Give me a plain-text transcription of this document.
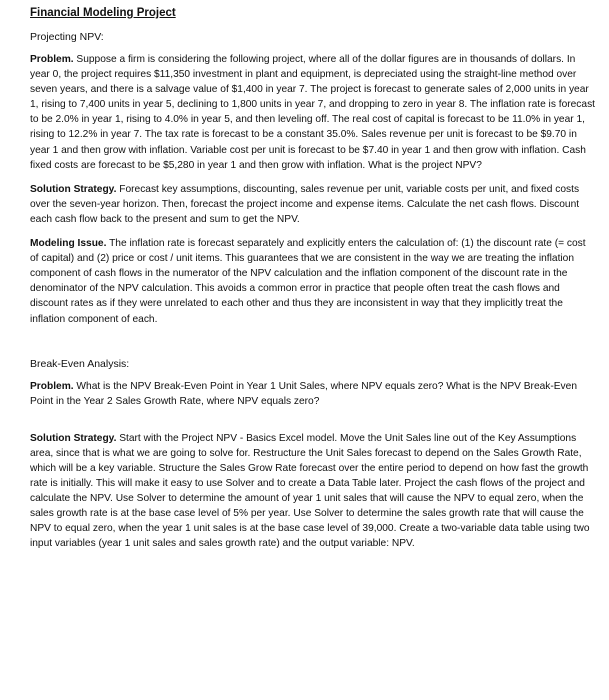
Financial Modeling Project
Projecting NPV:

Problem. Suppose a firm is considering the following project, where all of the dollar figures are in thousands of dollars. In year 0, the project requires $11,350 investment in plant and equipment, is depreciated using the straight-line method over seven years, and there is a salvage value of $1,400 in year 7. The project is forecast to generate sales of 2,000 units in year 1, rising to 7,400 units in year 5, declining to 1,800 units in year 7, and dropping to zero in year 8. The inflation rate is forecast to be 2.0% in year 1, rising to 4.0% in year 5, and then leveling off. The real cost of capital is forecast to be 11.0% in year 1, rising to 12.2% in year 7. The tax rate is forecast to be a constant 35.0%. Sales revenue per unit is forecast to be $9.70 in year 1 and then grow with inflation. Variable cost per unit is forecast to be $7.40 in year 1 and then grow with inflation. Cash fixed costs are forecast to be $5,280 in year 1 and then grow with inflation. What is the project NPV?

Solution Strategy. Forecast key assumptions, discounting, sales revenue per unit, variable costs per unit, and fixed costs over the seven-year horizon. Then, forecast the project income and expense items. Calculate the net cash flows. Discount each cash flow back to the present and sum to get the NPV.

Modeling Issue. The inflation rate is forecast separately and explicitly enters the calculation of: (1) the discount rate (= cost of capital) and (2) price or cost / unit items. This guarantees that we are consistent in the way we are treating the inflation component of cash flows in the numerator of the NPV calculation and the inflation component of the discount rate in the denominator of the NPV calculation. This avoids a common error in practice that people often treat the cash flows and discount rates as if they were unrelated to each other and thus they are inconsistent in way that they implicitly treat the inflation component of each.

Break-Even Analysis:

Problem. What is the NPV Break-Even Point in Year 1 Unit Sales, where NPV equals zero? What is the NPV Break-Even Point in the Year 2 Sales Growth Rate, where NPV equals zero?

Solution Strategy. Start with the Project NPV - Basics Excel model. Move the Unit Sales line out of the Key Assumptions area, since that is what we are going to solve for. Restructure the Unit Sales forecast to depend on the Sales Growth Rate, which will be a key variable. Structure the Sales Grow Rate forecast over the entire period to depend on how fast the growth rate is initially. This will make it easy to use Solver and to create a Data Table later. Project the cash flows of the project and calculate the NPV. Use Solver to determine the amount of year 1 unit sales that will cause the NPV to equal zero, when the sales growth rate is at the base case level of 5% per year. Use Solver to determine the sales growth rate that will cause the NPV to equal zero, when the year 1 unit sales is at the base case level of 39,000. Create a two-variable data table using two input variables (year 1 unit sales and sales growth rate) and the output variable: NPV.
